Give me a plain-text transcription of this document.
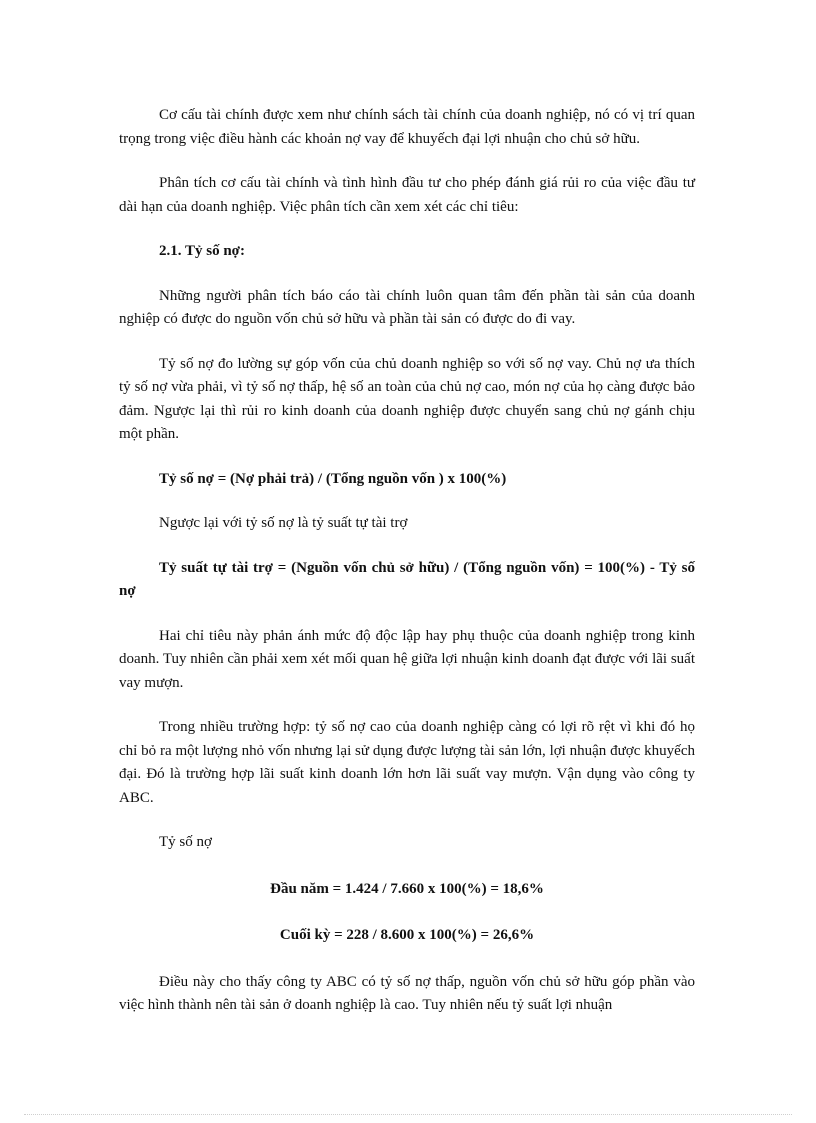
Cơ cấu tài chính được xem như chính sách tài chính của doanh nghiệp, nó có vị trí quan trọng trong việc điều hành các khoản nợ vay để khuyếch đại lợi nhuận cho chủ sở hữu.

Phân tích cơ cấu tài chính và tình hình đầu tư cho phép đánh giá rủi ro của việc đầu tư dài hạn của doanh nghiệp. Việc phân tích cần xem xét các chỉ tiêu:

2.1. Tỷ số nợ:

Những người phân tích báo cáo tài chính luôn quan tâm đến phần tài sản của doanh nghiệp có được do nguồn vốn chủ sở hữu và phần tài sản có được do đi vay.

Tỷ số nợ đo lường sự góp vốn của chủ doanh nghiệp so với số nợ vay. Chủ nợ ưa thích tỷ số nợ vừa phải, vì tỷ số nợ thấp, hệ số an toàn của chủ nợ cao, món nợ của họ càng được bảo đảm. Ngược lại thì rủi ro kinh doanh của doanh nghiệp được chuyển sang chủ nợ gánh chịu một phần.

Tỷ số nợ = (Nợ phải trả) / (Tổng nguồn vốn ) x 100(%)

Ngược lại với tỷ số nợ là tỷ suất tự tài trợ

Tỷ suất tự tài trợ = (Nguồn vốn chủ sở hữu) / (Tổng nguồn vốn) = 100(%) - Tỷ số nợ

Hai chỉ tiêu này phản ánh mức độ độc lập hay phụ thuộc của doanh nghiệp trong kinh doanh. Tuy nhiên cần phải xem xét mối quan hệ giữa lợi nhuận kinh doanh đạt được với lãi suất vay mượn.

Trong nhiều trường hợp: tỷ số nợ cao của doanh nghiệp càng có lợi rõ rệt vì khi đó họ chỉ bỏ ra một lượng nhỏ vốn nhưng lại sử dụng được lượng tài sản lớn, lợi nhuận được khuyếch đại. Đó là trường hợp lãi suất kinh doanh lớn hơn lãi suất vay mượn. Vận dụng vào công ty ABC.

Tỷ số nợ

Đầu năm = 1.424 / 7.660 x 100(%) = 18,6%

Cuối kỳ = 228 / 8.600 x 100(%) = 26,6%

Điều này cho thấy công ty ABC có tỷ số nợ thấp, nguồn vốn chủ sở hữu góp phần vào việc hình thành nên tài sản ở doanh nghiệp là cao. Tuy nhiên nếu tỷ suất lợi nhuận
